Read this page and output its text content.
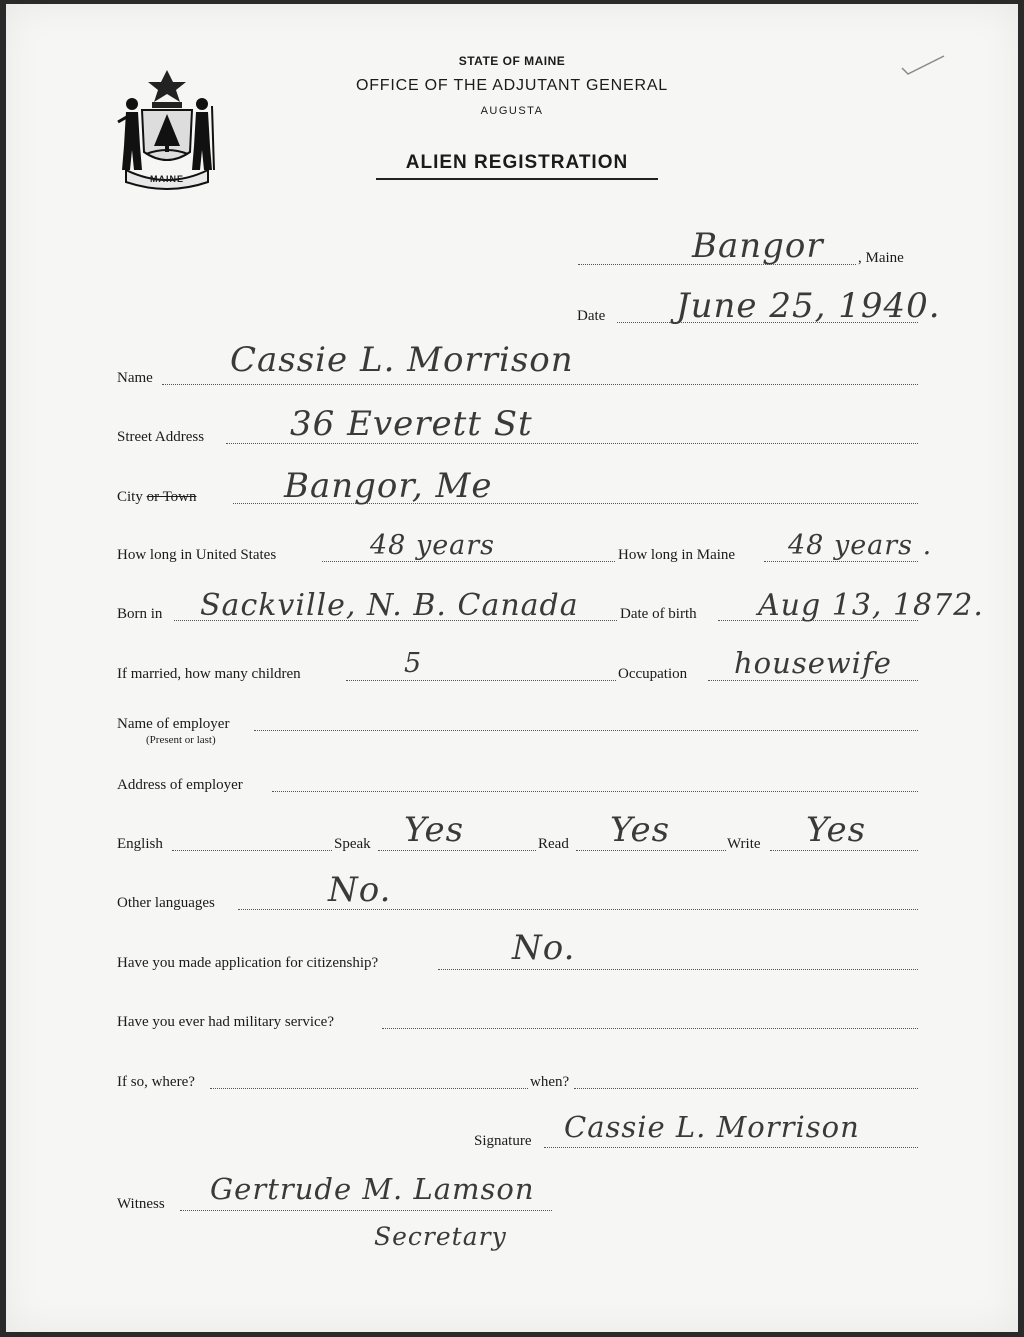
MAINE
STATE OF MAINE
OFFICE OF THE ADJUTANT GENERAL
AUGUSTA
ALIEN REGISTRATION
Bangor , Maine
Date June 25, 1940.
Name Cassie L. Morrison
Street Address	36 Everett St
City or Town	Bangor, Me
How long in United States	48 years	How long in Maine 48 years .
Born in Sackville, N. B. Canada	Date of birth Aug 13, 1872.
If married, how many children	5	Occupation housewife
Name of employer
(Present or last)
Address of employer
English	Speak Yes	Read Yes	Write Yes
Other languages	No.
Have you made application for citizenship?	No.
Have you ever had military service?
If so, where?	when?
Signature Cassie L. Morrison
Witness Gertrude M. Lamson
Secretary
